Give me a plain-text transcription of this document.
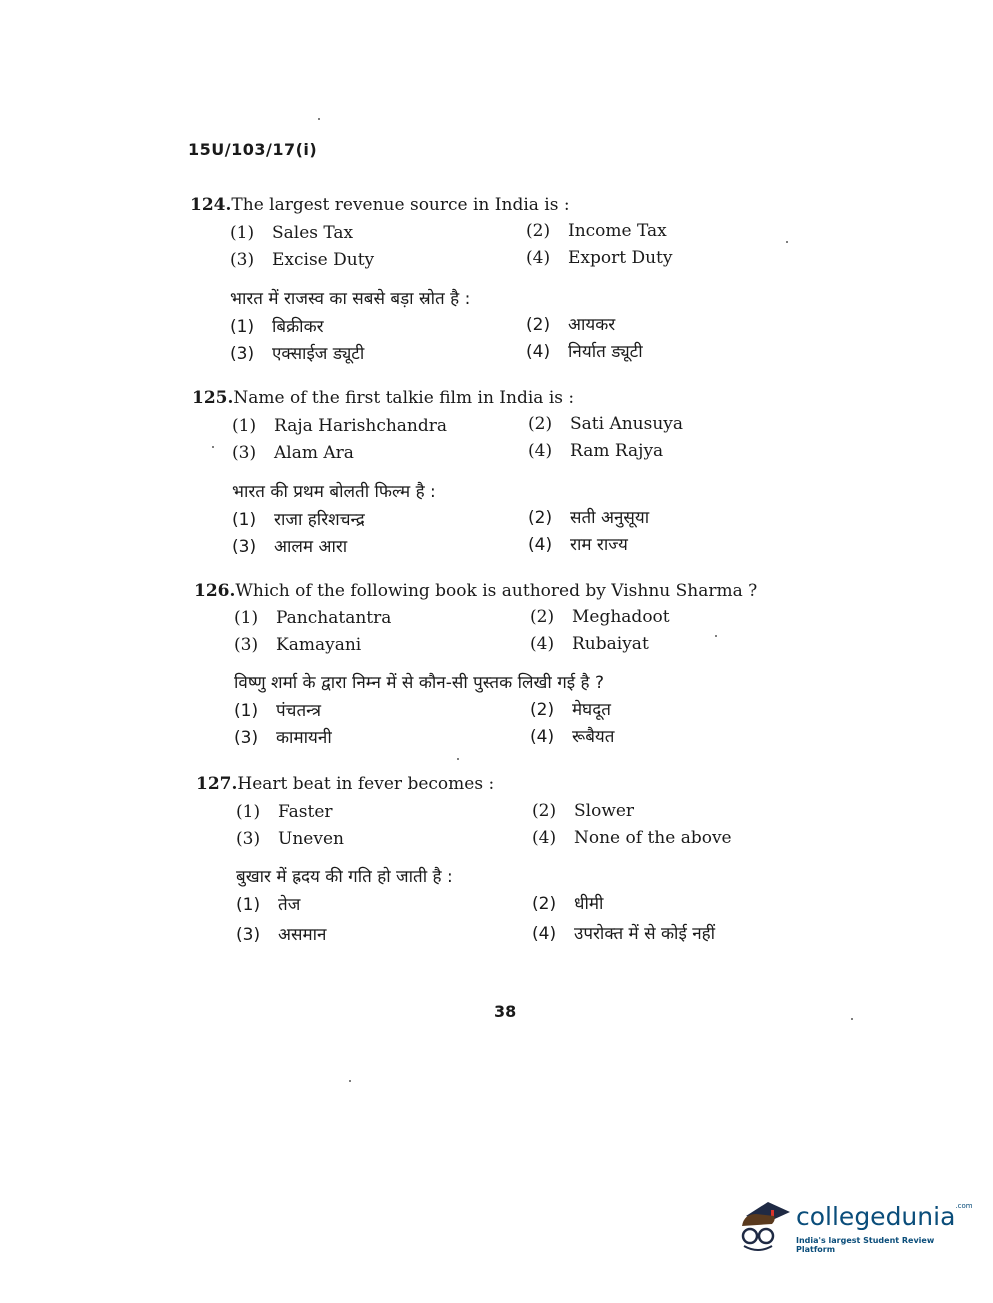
15U/103/17(i)
124.The largest revenue source in India is :
(1) Sales Tax	(2) Income Tax
(3) Excise Duty	(4) Export Duty
भारत में राजस्व का सबसे बड़ा स्रोत है :
(1) बिक्रीकर	(2) आयकर
(3) एक्साईज ड्यूटी	(4) निर्यात ड्यूटी
125.Name of the first talkie film in India is :
(1) Raja Harishchandra	(2) Sati Anusuya
(3) Alam Ara	(4) Ram Rajya
भारत की प्रथम बोलती फिल्म है :
(1) राजा हरिशचन्द्र	(2) सती अनुसूया
(3) आलम आरा	(4) राम राज्य
126.Which of the following book is authored by Vishnu Sharma ?
(1) Panchatantra	(2) Meghadoot
(3) Kamayani	(4) Rubaiyat
विष्णु शर्मा के द्वारा निम्न में से कौन-सी पुस्तक लिखी गई है ?
(1) पंचतन्त्र	(2) मेघदूत
(3) कामायनी	(4) रूबैयत
127.Heart beat in fever becomes :
(1) Faster	(2) Slower
(3) Uneven	(4) None of the above
बुखार में ह्रदय की गति हो जाती है :
(1) तेज	(2) धीमी
(3) असमान	(4) उपरोक्त में से कोई नहीं
38
collegedunia$^{.com}$
India's largest Student Review Platform
